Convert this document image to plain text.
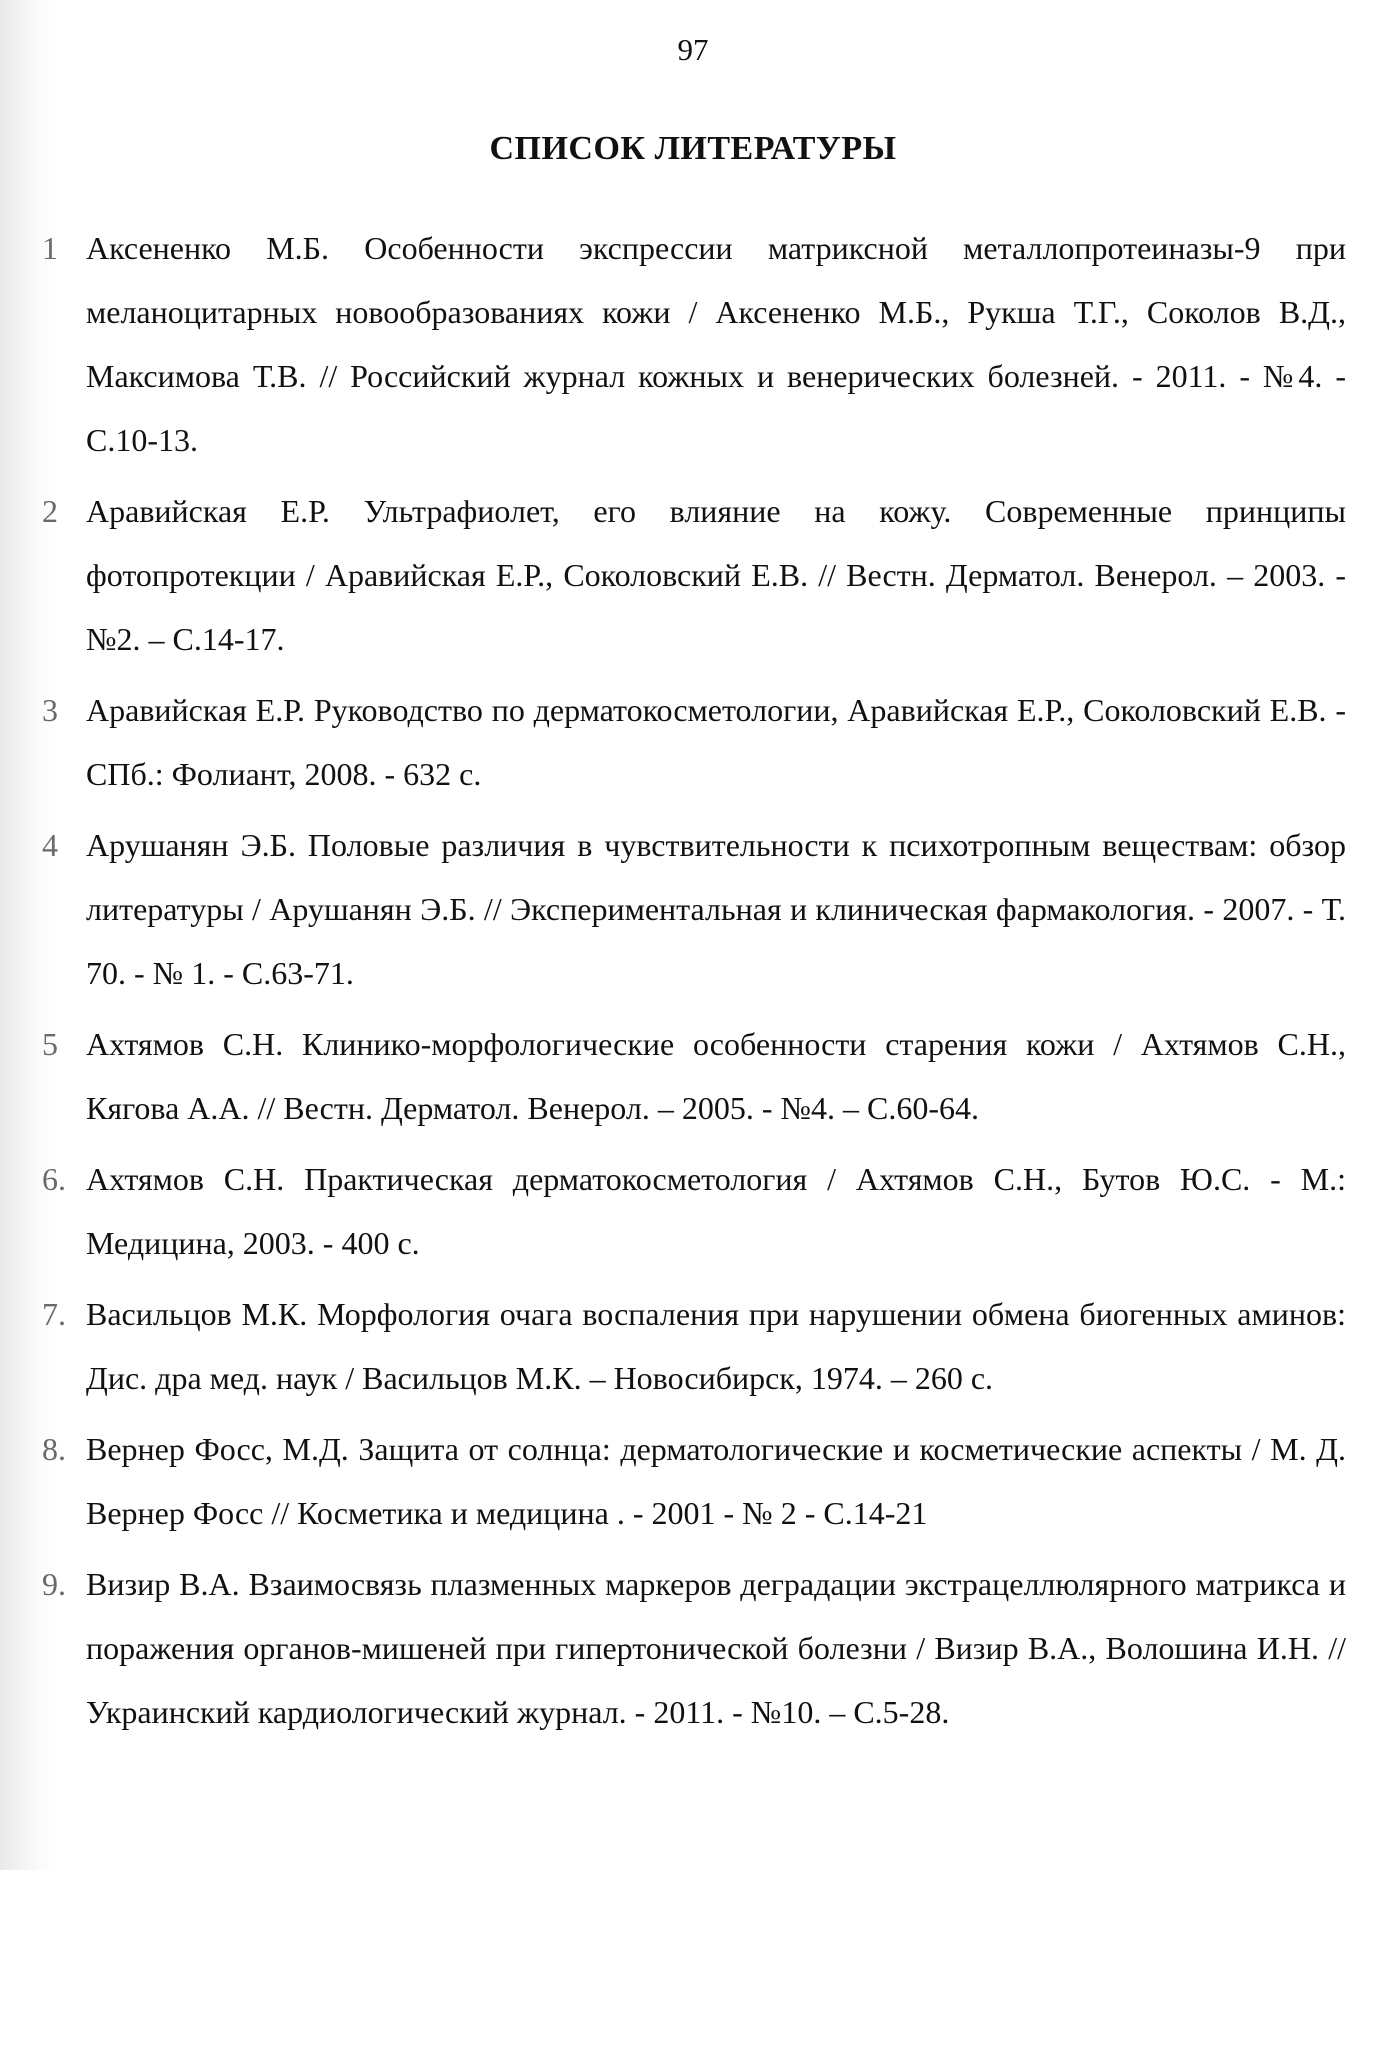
97
СПИСОК ЛИТЕРАТУРЫ
1 Аксененко М.Б. Особенности экспрессии матриксной металлопротеиназы-9 при меланоцитарных новообразованиях кожи / Аксененко М.Б., Рукша Т.Г., Соколов В.Д., Максимова Т.В. // Российский журнал кожных и венерических болезней. - 2011. - №4. - С.10-13.
2 Аравийская Е.Р. Ультрафиолет, его влияние на кожу. Современные принципы фотопротекции / Аравийская Е.Р., Соколовский Е.В. // Вестн. Дерматол. Венерол. – 2003. - №2. – С.14-17.
3 Аравийская Е.Р. Руководство по дерматокосметологии, Аравийская Е.Р., Соколовский Е.В. - СПб.: Фолиант, 2008. - 632 с.
4 Арушанян Э.Б. Половые различия в чувствительности к психотропным веществам: обзор литературы / Арушанян Э.Б. // Экспериментальная и клиническая фармакология. - 2007. - Т. 70. - № 1. - С.63-71.
5 Ахтямов С.Н. Клинико-морфологические особенности старения кожи / Ахтямов С.Н., Кягова А.А. // Вестн. Дерматол. Венерол. – 2005. - №4. – С.60-64.
6. Ахтямов С.Н. Практическая дерматокосметология / Ахтямов С.Н., Бутов Ю.С. - М.: Медицина, 2003. - 400 с.
7. Васильцов М.К. Морфология очага воспаления при нарушении обмена биогенных аминов: Дис. дра мед. наук / Васильцов М.К. – Новосибирск, 1974. – 260 с.
8. Вернер Фосс, М.Д. Защита от солнца: дерматологические и косметические аспекты / М. Д. Вернер Фосс // Косметика и медицина . - 2001 - № 2 - С.14-21
9. Визир В.А. Взаимосвязь плазменных маркеров деградации экстрацеллюлярного матрикса и поражения органов-мишеней при гипертонической болезни / Визир В.А., Волошина И.Н. // Украинский кардиологический журнал. - 2011. - №10. – С.5-28.
